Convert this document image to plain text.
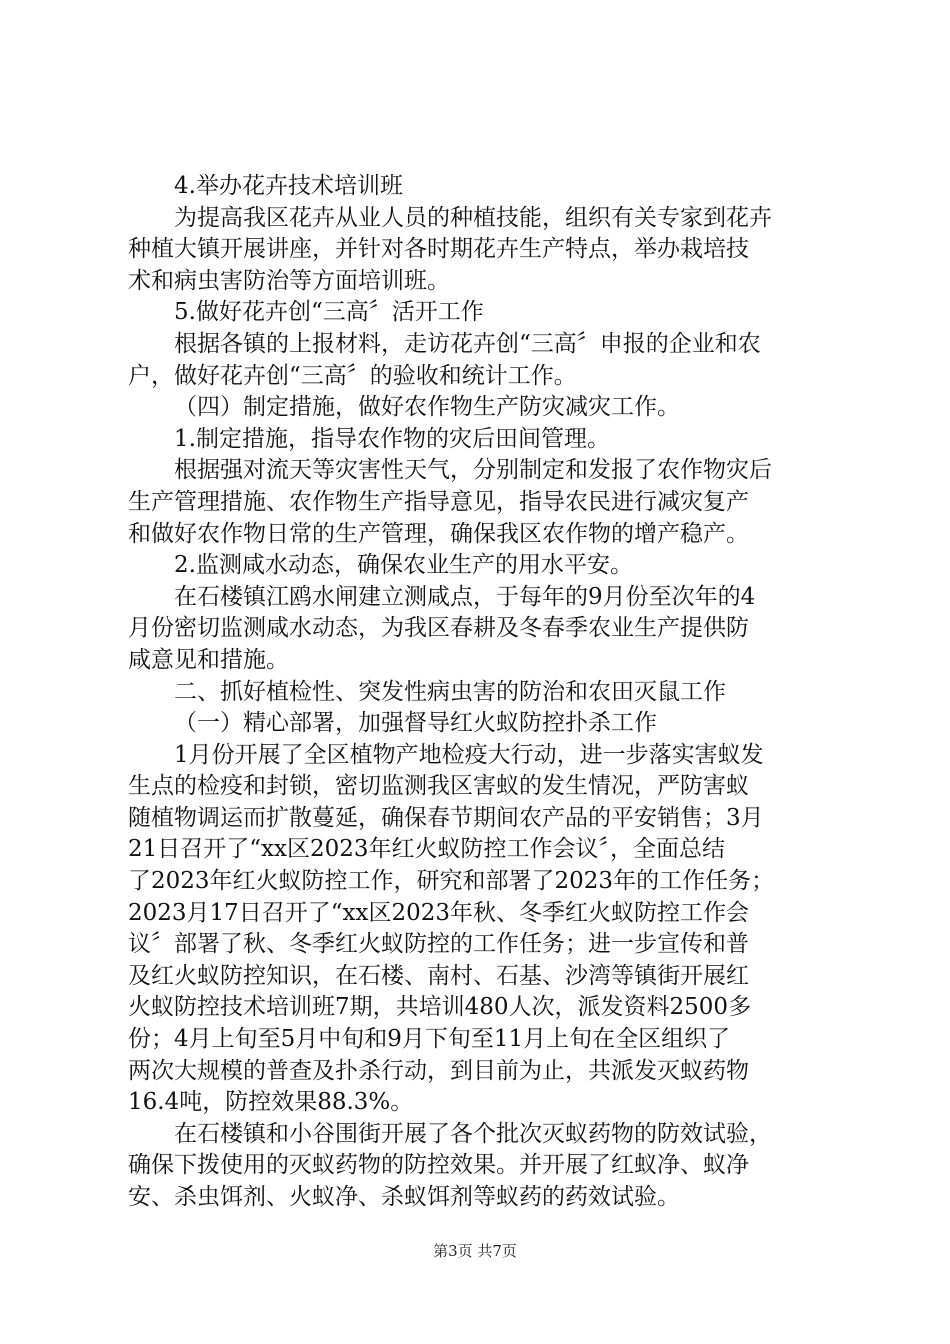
4.举办花卉技术培训班
为提高我区花卉从业人员的种植技能，组织有关专家到花卉
种植大镇开展讲座，并针对各时期花卉生产特点，举办栽培技
术和病虫害防治等方面培训班。
5.做好花卉创“三高〞活开工作
根据各镇的上报材料，走访花卉创“三高〞申报的企业和农
户，做好花卉创“三高〞的验收和统计工作。
（四）制定措施，做好农作物生产防灾减灾工作。
1.制定措施，指导农作物的灾后田间管理。
根据强对流天等灾害性天气，分别制定和发报了农作物灾后
生产管理措施、农作物生产指导意见，指导农民进行减灾复产
和做好农作物日常的生产管理，确保我区农作物的增产稳产。
2.监测咸水动态，确保农业生产的用水平安。
在石楼镇江鸥水闸建立测咸点，于每年的9月份至次年的4
月份密切监测咸水动态，为我区春耕及冬春季农业生产提供防
咸意见和措施。
二、抓好植检性、突发性病虫害的防治和农田灭鼠工作
（一）精心部署，加强督导红火蚁防控扑杀工作
1月份开展了全区植物产地检疫大行动，进一步落实害蚁发
生点的检疫和封锁，密切监测我区害蚁的发生情况，严防害蚁
随植物调运而扩散蔓延，确保春节期间农产品的平安销售；3月
21日召开了“xx区2023年红火蚁防控工作会议〞，全面总结
了2023年红火蚁防控工作，研究和部署了2023年的工作任务；
2023月17日召开了“xx区2023年秋、冬季红火蚁防控工作会
议〞部署了秋、冬季红火蚁防控的工作任务；进一步宣传和普
及红火蚁防控知识，在石楼、南村、石基、沙湾等镇街开展红
火蚁防控技术培训班7期，共培训480人次，派发资料2500多
份；4月上旬至5月中旬和9月下旬至11月上旬在全区组织了
两次大规模的普查及扑杀行动，到目前为止，共派发灭蚁药物
16.4吨，防控效果88.3%。
在石楼镇和小谷围街开展了各个批次灭蚁药物的防效试验，
确保下拨使用的灭蚁药物的防控效果。并开展了红蚁净、蚁净
安、杀虫饵剂、火蚁净、杀蚁饵剂等蚁药的药效试验。
第3页 共7页
